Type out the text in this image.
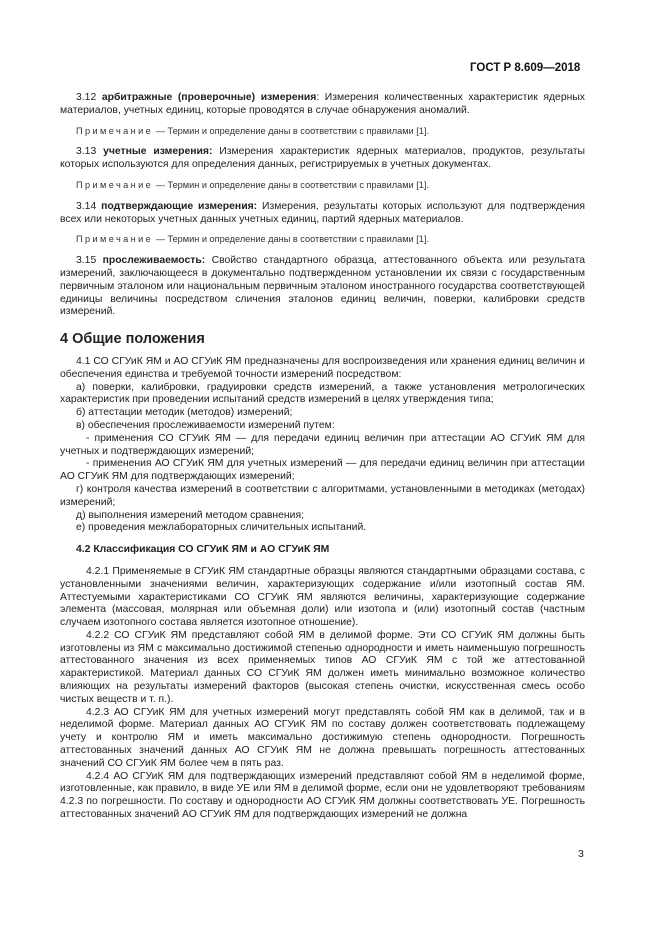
ГОСТ Р 8.609—2018

3.12 арбитражные (проверочные) измерения: Измерения количественных характеристик ядерных материалов, учетных единиц, которые проводятся в случае обнаружения аномалий.

Примечание — Термин и определение даны в соответствии с правилами [1].

3.13 учетные измерения: Измерения характеристик ядерных материалов, продуктов, результаты которых используются для определения данных, регистрируемых в учетных документах.

Примечание — Термин и определение даны в соответствии с правилами [1].

3.14 подтверждающие измерения: Измерения, результаты которых используют для подтверждения всех или некоторых учетных данных учетных единиц, партий ядерных материалов.

Примечание — Термин и определение даны в соответствии с правилами [1].

3.15 прослеживаемость: Свойство стандартного образца, аттестованного объекта или результата измерений, заключающееся в документально подтвержденном установлении их связи с государственным первичным эталоном или национальным первичным эталоном иностранного государства соответствующей единицы величины посредством сличения эталонов единиц величин, поверки, калибровки средств измерений.

4 Общие положения

4.1 СО СГУиК ЯМ и АО СГУиК ЯМ предназначены для воспроизведения или хранения единиц величин и обеспечения единства и требуемой точности измерений посредством:

а) поверки, калибровки, градуировки средств измерений, а также установления метрологических характеристик при проведении испытаний средств измерений в целях утверждения типа;

б) аттестации методик (методов) измерений;

в) обеспечения прослеживаемости измерений путем:

- применения СО СГУиК ЯМ — для передачи единиц величин при аттестации АО СГУиК ЯМ для учетных и подтверждающих измерений;

- применения АО СГУиК ЯМ для учетных измерений — для передачи единиц величин при аттестации АО СГУиК ЯМ для подтверждающих измерений;

г) контроля качества измерений в соответствии с алгоритмами, установленными в методиках (методах) измерений;

д) выполнения измерений методом сравнения;

е) проведения межлабораторных сличительных испытаний.

4.2 Классификация СО СГУиК ЯМ и АО СГУиК ЯМ

4.2.1 Применяемые в СГУиК ЯМ стандартные образцы являются стандартными образцами состава, с установленными значениями величин, характеризующих содержание и/или изотопный состав ЯМ. Аттестуемыми характеристиками СО СГУиК ЯМ являются величины, характеризующие содержание элемента (массовая, молярная или объемная доли) или изотопа и (или) изотопный состав (частным случаем изотопного состава является изотопное отношение).

4.2.2 СО СГУиК ЯМ представляют собой ЯМ в делимой форме. Эти СО СГУиК ЯМ должны быть изготовлены из ЯМ с максимально достижимой степенью однородности и иметь наименьшую погрешность аттестованного значения из всех применяемых типов АО СГУиК ЯМ с той же аттестованной характеристикой. Материал данных СО СГУиК ЯМ должен иметь минимально возможное количество влияющих на результаты измерений факторов (высокая степень очистки, искусственная смесь особо чистых веществ и т. п.).

4.2.3 АО СГУиК ЯМ для учетных измерений могут представлять собой ЯМ как в делимой, так и в неделимой форме. Материал данных АО СГУиК ЯМ по составу должен соответствовать подлежащему учету и контролю ЯМ и иметь максимально достижимую степень однородности. Погрешность аттестованных значений данных АО СГУиК ЯМ не должна превышать погрешность аттестованных значений СО СГУиК ЯМ более чем в пять раз.

4.2.4 АО СГУиК ЯМ для подтверждающих измерений представляют собой ЯМ в неделимой форме, изготовленные, как правило, в виде УЕ или ЯМ в делимой форме, если они не удовлетворяют требованиям 4.2.3 по погрешности. По составу и однородности АО СГУиК ЯМ должны соответствовать УЕ. Погрешность аттестованных значений АО СГУиК ЯМ для подтверждающих измерений не должна

3
